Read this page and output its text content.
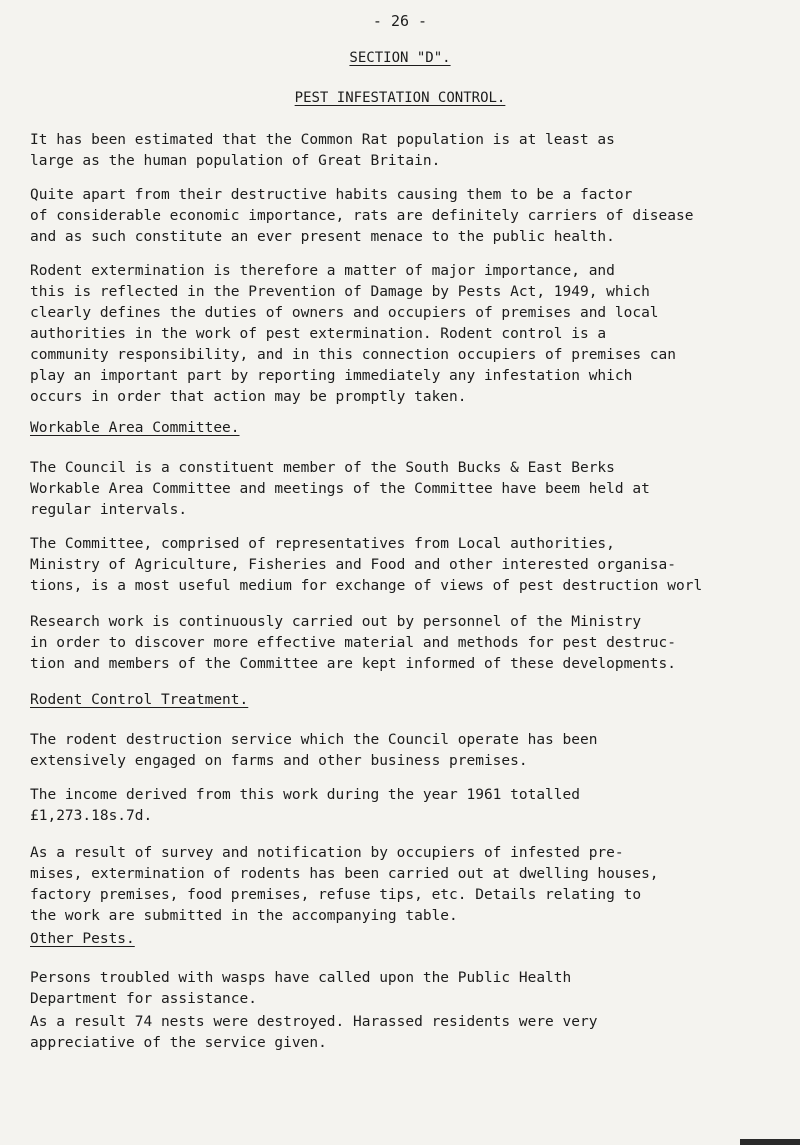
- 26 -
SECTION "D".
PEST INFESTATION CONTROL.

It has been estimated that the Common Rat population is at least as

large as the human population of Great Britain.

Quite apart from their destructive habits causing them to be a factor

of considerable economic importance, rats are definitely carriers of disease

and as such constitute an ever present menace to the public health.

Rodent extermination is therefore a matter of major importance, and

this is reflected in the Prevention of Damage by Pests Act, 1949, which

clearly defines the duties of owners and occupiers of premises and local

authorities in the work of pest extermination. Rodent control is a

community responsibility, and in this connection occupiers of premises can

play an important part by reporting immediately any infestation which

occurs in order that action may be promptly taken.

Workable Area Committee.

The Council is a constituent member of the South Bucks & East Berks

Workable Area Committee and meetings of the Committee have beem held at

regular intervals.

The Committee, comprised of representatives from Local authorities,

Ministry of Agriculture, Fisheries and Food and other interested organisa-

tions, is a most useful medium for exchange of views of pest destruction worl

Research work is continuously carried out by personnel of the Ministry

in order to discover more effective material and methods for pest destruc-

tion and members of the Committee are kept informed of these developments.

Rodent Control Treatment.

The rodent destruction service which the Council operate has been

extensively engaged on farms and other business premises.

The income derived from this work during the year 1961 totalled

£1,273.18s.7d.

As a result of survey and notification by occupiers of infested pre-

mises, extermination of rodents has been carried out at dwelling houses,

factory premises, food premises, refuse tips, etc. Details relating to

the work are submitted in the accompanying table.

Other Pests.

Persons troubled with wasps have called upon the Public Health

Department for assistance.

As a result 74 nests were destroyed. Harassed residents were very

appreciative of the service given.
